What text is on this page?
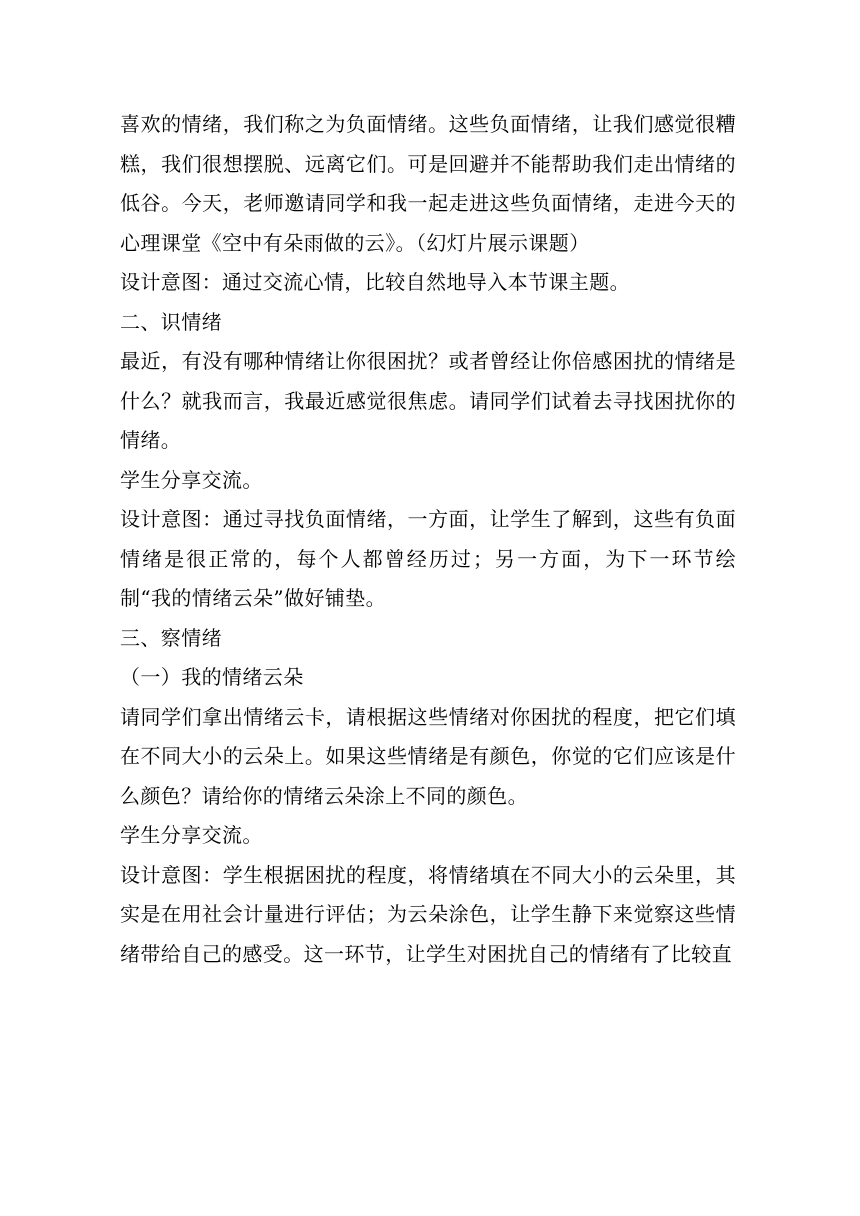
喜欢的情绪，我们称之为负面情绪。这些负面情绪，让我们感觉很糟糕，我们很想摆脱、远离它们。可是回避并不能帮助我们走出情绪的低谷。今天，老师邀请同学和我一起走进这些负面情绪，走进今天的心理课堂《空中有朵雨做的云》。（幻灯片展示课题）

设计意图：通过交流心情，比较自然地导入本节课主题。

二、识情绪

最近，有没有哪种情绪让你很困扰？或者曾经让你倍感困扰的情绪是什么？就我而言，我最近感觉很焦虑。请同学们试着去寻找困扰你的情绪。

学生分享交流。

设计意图：通过寻找负面情绪，一方面，让学生了解到，这些有负面情绪是很正常的，每个人都曾经历过；另一方面，为下一环节绘制“我的情绪云朵”做好铺垫。

三、察情绪

（一）我的情绪云朵

请同学们拿出情绪云卡，请根据这些情绪对你困扰的程度，把它们填在不同大小的云朵上。如果这些情绪是有颜色，你觉的它们应该是什么颜色？请给你的情绪云朵涂上不同的颜色。

学生分享交流。

设计意图：学生根据困扰的程度，将情绪填在不同大小的云朵里，其实是在用社会计量进行评估；为云朵涂色，让学生静下来觉察这些情绪带给自己的感受。这一环节，让学生对困扰自己的情绪有了比较直
